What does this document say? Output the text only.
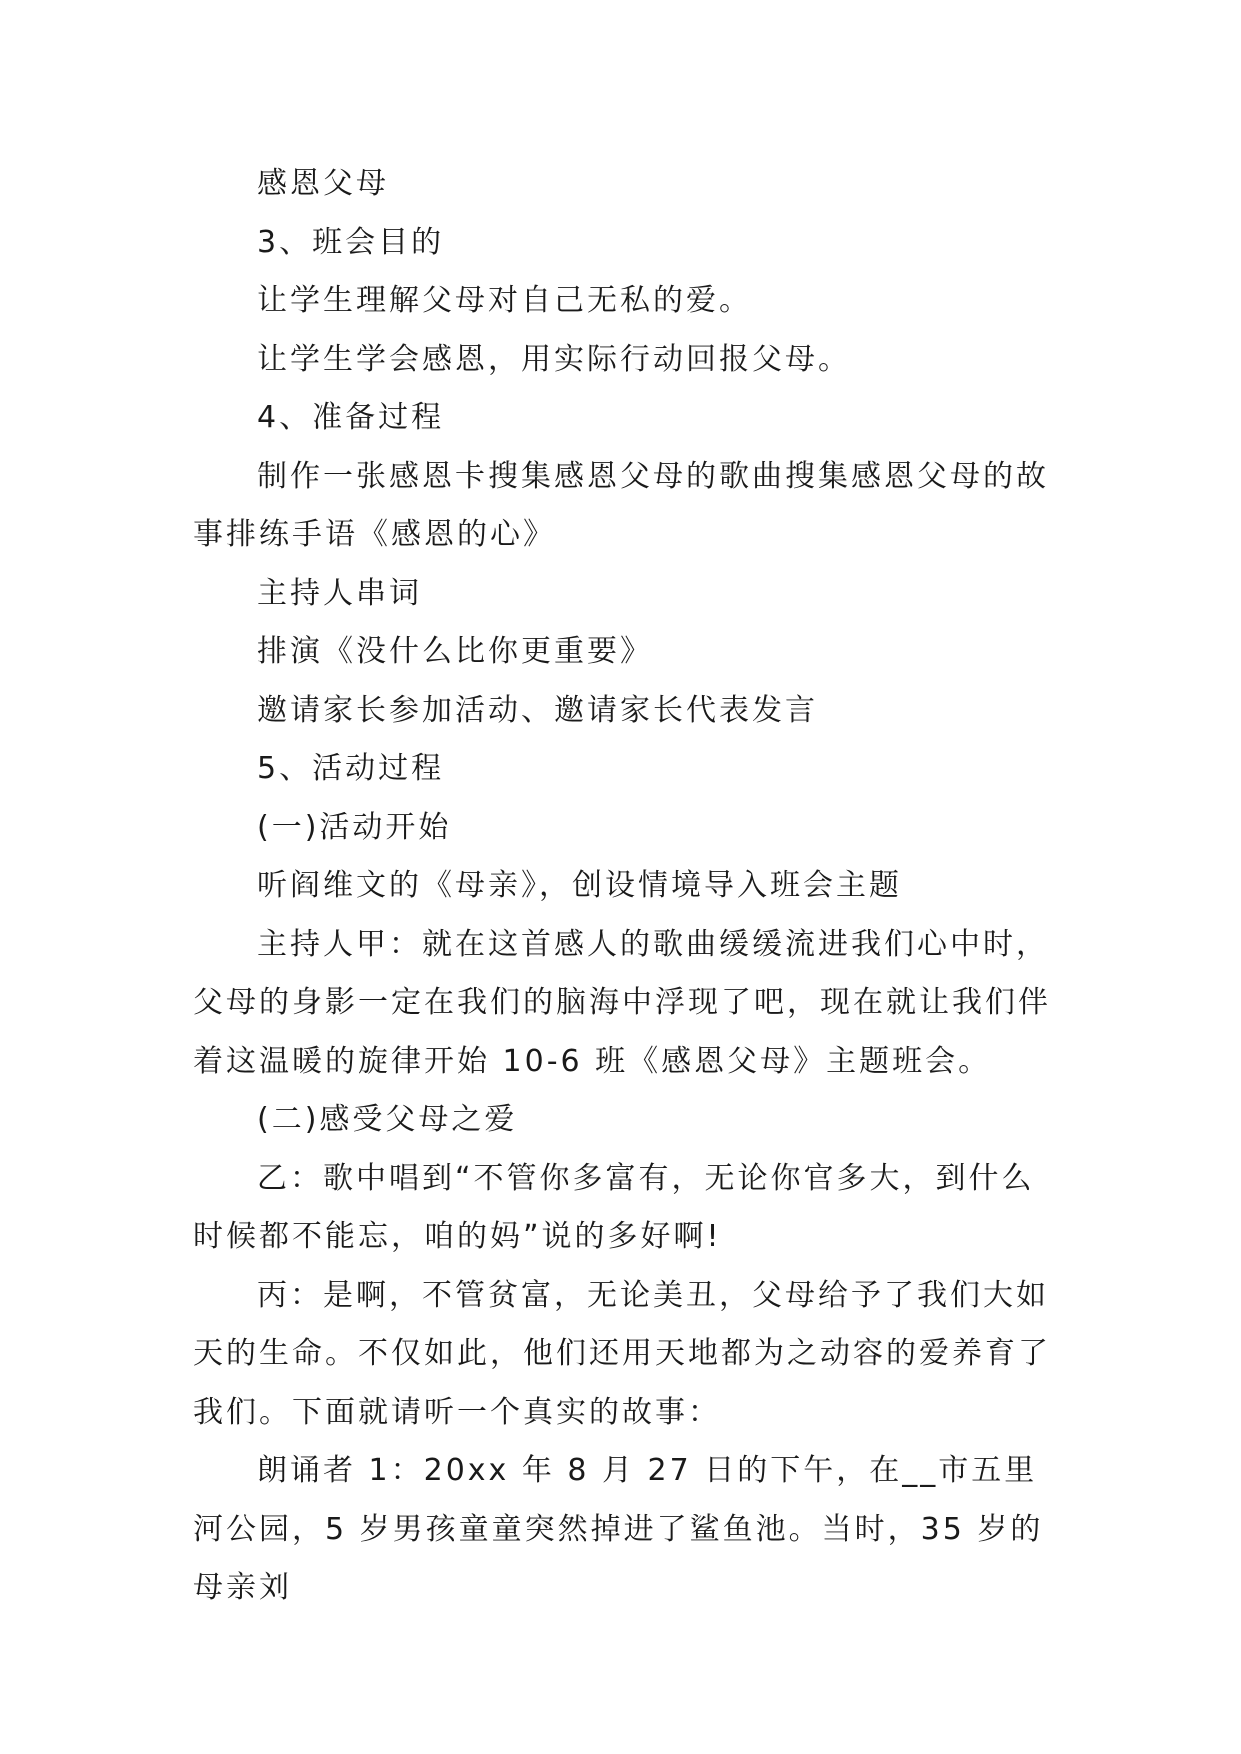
感恩父母

3、班会目的

让学生理解父母对自己无私的爱。

让学生学会感恩，用实际行动回报父母。

4、准备过程

制作一张感恩卡搜集感恩父母的歌曲搜集感恩父母的故事排练手语《感恩的心》

主持人串词

排演《没什么比你更重要》

邀请家长参加活动、邀请家长代表发言

5、活动过程

(一)活动开始

听阎维文的《母亲》，创设情境导入班会主题

主持人甲：就在这首感人的歌曲缓缓流进我们心中时，父母的身影一定在我们的脑海中浮现了吧，现在就让我们伴着这温暖的旋律开始 10-6 班《感恩父母》主题班会。

(二)感受父母之爱

乙：歌中唱到“不管你多富有，无论你官多大，到什么时候都不能忘，咱的妈”说的多好啊!

丙：是啊，不管贫富，无论美丑，父母给予了我们大如天的生命。不仅如此，他们还用天地都为之动容的爱养育了我们。下面就请听一个真实的故事：

朗诵者 1：20xx 年 8 月 27 日的下午，在__市五里河公园，5 岁男孩童童突然掉进了鲨鱼池。当时，35 岁的母亲刘
